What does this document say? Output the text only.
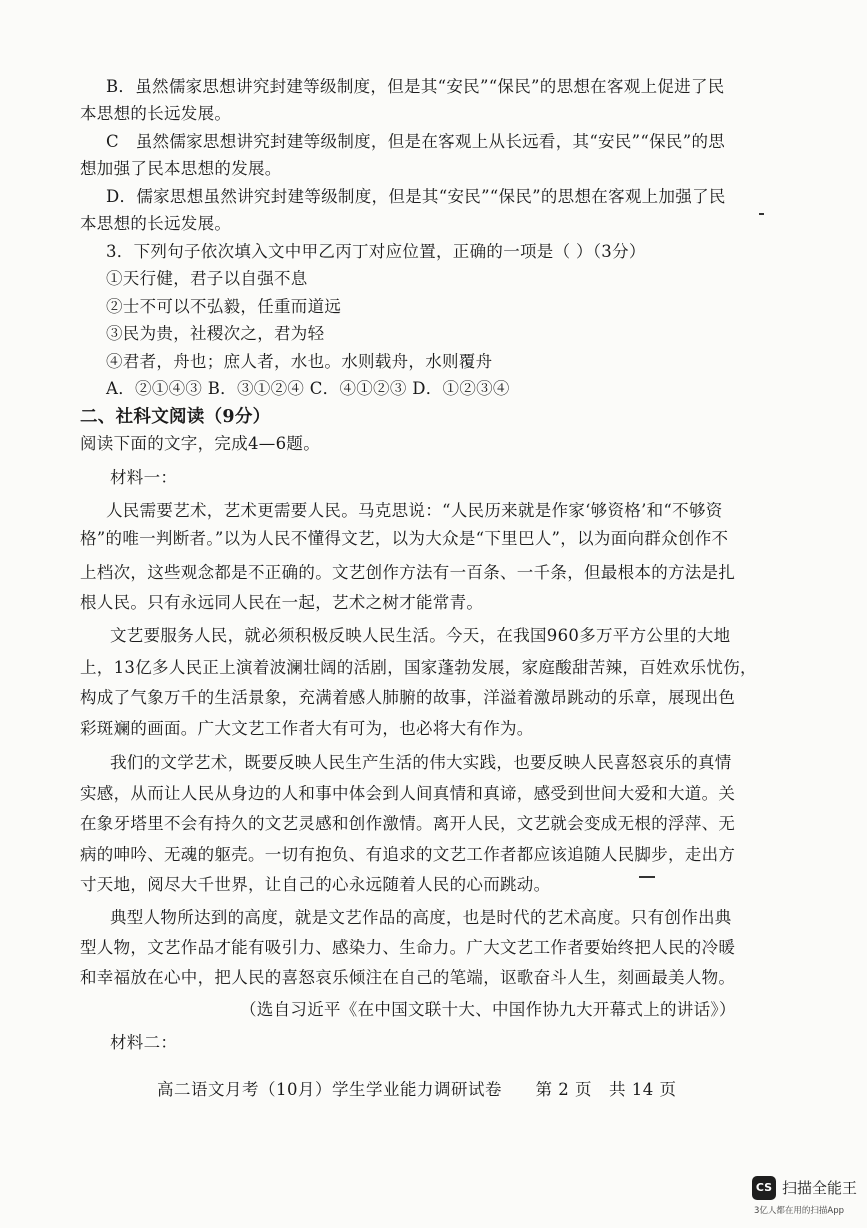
B．虽然儒家思想讲究封建等级制度，但是其“安民”“保民”的思想在客观上促进了民
本思想的长远发展。
C　虽然儒家思想讲究封建等级制度，但是在客观上从长远看，其“安民”“保民”的思
想加强了民本思想的发展。
D．儒家思想虽然讲究封建等级制度，但是其“安民”“保民”的思想在客观上加强了民
本思想的长远发展。
3．下列句子依次填入文中甲乙丙丁对应位置，正确的一项是（ ）（3分）
①天行健，君子以自强不息
②士不可以不弘毅，任重而道远
③民为贵，社稷次之，君为轻
④君者，舟也；庶人者，水也。水则载舟，水则覆舟
A．②①④③ B．③①②④ C．④①②③ D．①②③④
二、社科文阅读（9分）
阅读下面的文字，完成4—6题。
材料一：
人民需要艺术，艺术更需要人民。马克思说：“人民历来就是作家‘够资格’和“不够资
格”的唯一判断者。”以为人民不懂得文艺，以为大众是“下里巴人”，以为面向群众创作不
上档次，这些观念都是不正确的。文艺创作方法有一百条、一千条，但最根本的方法是扎
根人民。只有永远同人民在一起，艺术之树才能常青。
文艺要服务人民，就必须积极反映人民生活。今天，在我国960多万平方公里的大地
上，13亿多人民正上演着波澜壮阔的活剧，国家蓬勃发展，家庭酸甜苦辣，百姓欢乐忧伤，
构成了气象万千的生活景象，充满着感人肺腑的故事，洋溢着激昂跳动的乐章，展现出色
彩斑斓的画面。广大文艺工作者大有可为，也必将大有作为。
我们的文学艺术，既要反映人民生产生活的伟大实践，也要反映人民喜怒哀乐的真情
实感，从而让人民从身边的人和事中体会到人间真情和真谛，感受到世间大爱和大道。关
在象牙塔里不会有持久的文艺灵感和创作激情。离开人民，文艺就会变成无根的浮萍、无
病的呻吟、无魂的躯壳。一切有抱负、有追求的文艺工作者都应该追随人民脚步，走出方
寸天地，阅尽大千世界，让自己的心永远随着人民的心而跳动。
典型人物所达到的高度，就是文艺作品的高度，也是时代的艺术高度。只有创作出典
型人物，文艺作品才能有吸引力、感染力、生命力。广大文艺工作者要始终把人民的冷暖
和幸福放在心中，把人民的喜怒哀乐倾注在自己的笔端，讴歌奋斗人生，刻画最美人物。
（选自习近平《在中国文联十大、中国作协九大开幕式上的讲话》）
材料二：
高二语文月考（10月）学生学业能力调研试卷 第 2 页　共 14 页
CS 扫描全能王
3亿人都在用的扫描App
